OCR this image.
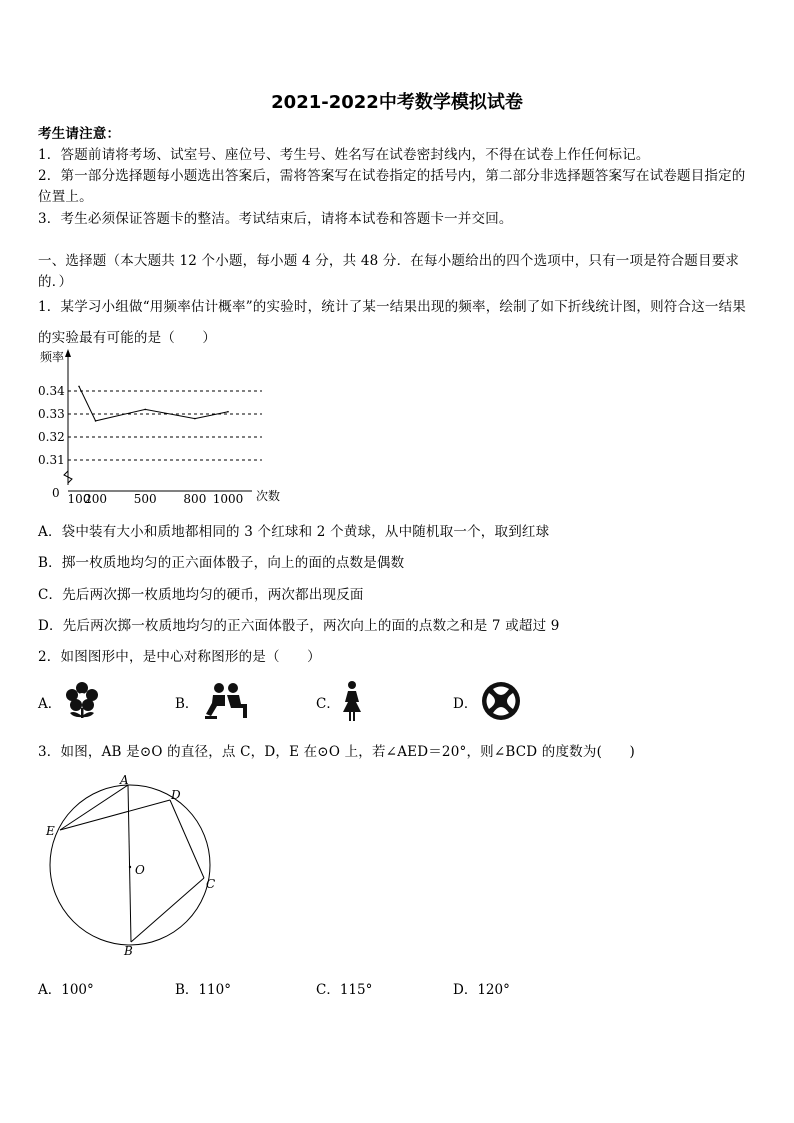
2021-2022中考数学模拟试卷
考生请注意：
1．答题前请将考场、试室号、座位号、考生号、姓名写在试卷密封线内，不得在试卷上作任何标记。
2．第一部分选择题每小题选出答案后，需将答案写在试卷指定的括号内，第二部分非选择题答案写在试卷题目指定的
位置上。
3．考生必须保证答题卡的整洁。考试结束后，请将本试卷和答题卡一并交回。
一、选择题（本大题共 12 个小题，每小题 4 分，共 48 分．在每小题给出的四个选项中，只有一项是符合题目要求
的．）
1．某学习小组做“用频率估计概率”的实验时，统计了某一结果出现的频率，绘制了如下折线统计图，则符合这一结果
的实验最有可能的是（　　）
频率
0	次数
0.31
0.32
0.33
0.34
100
200 500 800 1000
A．袋中装有大小和质地都相同的 3 个红球和 2 个黄球，从中随机取一个，取到红球
B．掷一枚质地均匀的正六面体骰子，向上的面的点数是偶数
C．先后两次掷一枚质地均匀的硬币，两次都出现反面
D．先后两次掷一枚质地均匀的正六面体骰子，两次向上的面的点数之和是 7 或超过 9
2．如图图形中，是中心对称图形的是（　　）
A．	B．	C．	D．
3．如图，AB 是⊙O 的直径，点 C，D，E 在⊙O 上，若∠AED＝20°，则∠BCD 的度数为(　　)
A
D
E
O
C
B
A．100°	B．110°	C．115°	D．120°
